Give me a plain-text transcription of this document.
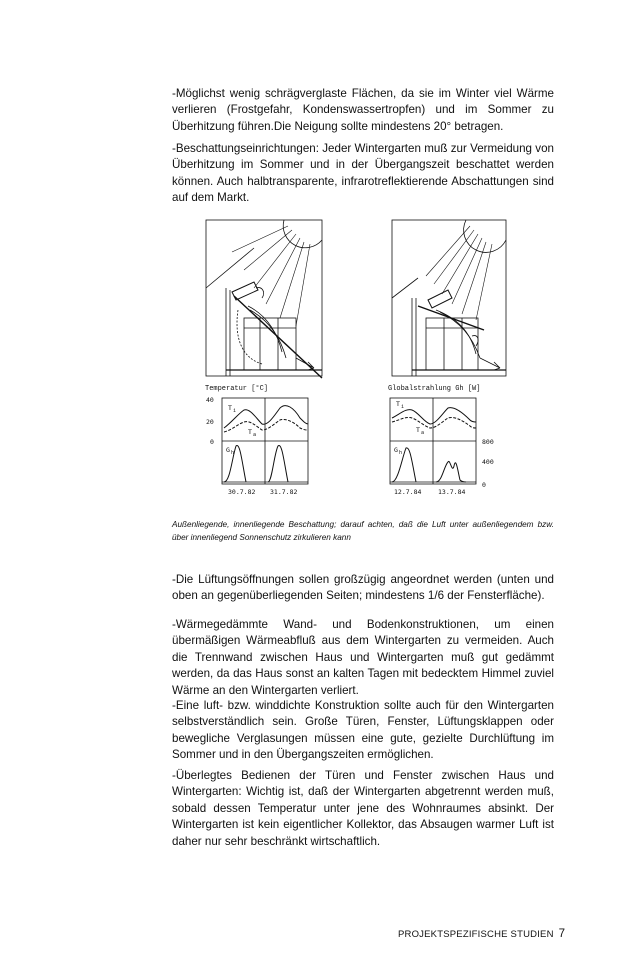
-Möglichst wenig schrägverglaste Flächen, da sie im Winter viel Wärme verlieren (Frostgefahr, Kondenswassertropfen) und im Sommer zu Überhitzung führen.Die Neigung sollte mindestens 20° betragen.

-Beschattungseinrichtungen: Jeder Wintergarten muß zur Vermeidung von Überhitzung im Sommer und in der Übergangszeit beschattet werden können. Auch halbtransparente, infrarotreflektierende Abschattungen sind auf dem Markt.

40
20
0	800
400
0
T i
T a
G h
T i
T a
G h
30.7.82 31.7.82	12.7.84	13.7.84
Temperatur [°C]	Globalstrahlung Gh [W]

Außenliegende, innenliegende Beschattung; darauf achten, daß die Luft unter außenliegendem bzw. über innenliegend Sonnenschutz zirkulieren kann

-Die Lüftungsöffnungen sollen großzügig angeordnet werden (unten und oben an gegenüberliegenden Seiten; mindestens 1/6 der Fensterfläche).

-Wärmegedämmte Wand- und Bodenkonstruktionen, um einen übermäßigen Wärmeabfluß aus dem Wintergarten zu vermeiden. Auch die Trennwand zwischen Haus und Wintergarten muß gut gedämmt werden, da das Haus sonst an kalten Tagen mit bedecktem Himmel zuviel Wärme an den Wintergarten verliert.

-Eine luft- bzw. winddichte Konstruktion sollte auch für den Wintergarten selbstverständlich sein. Große Türen, Fenster, Lüftungsklappen oder bewegliche Verglasungen müssen eine gute, gezielte Durchlüftung im Sommer und in den Übergangszeiten ermöglichen.

-Überlegtes Bedienen der Türen und Fenster zwischen Haus und Wintergarten: Wichtig ist, daß der Wintergarten abgetrennt werden muß, sobald dessen Temperatur unter jene des Wohnraumes absinkt. Der Wintergarten ist kein eigentlicher Kollektor, das Absaugen warmer Luft ist daher nur sehr beschränkt wirtschaftlich.

PROJEKTSPEZIFISCHE STUDIEN 7
